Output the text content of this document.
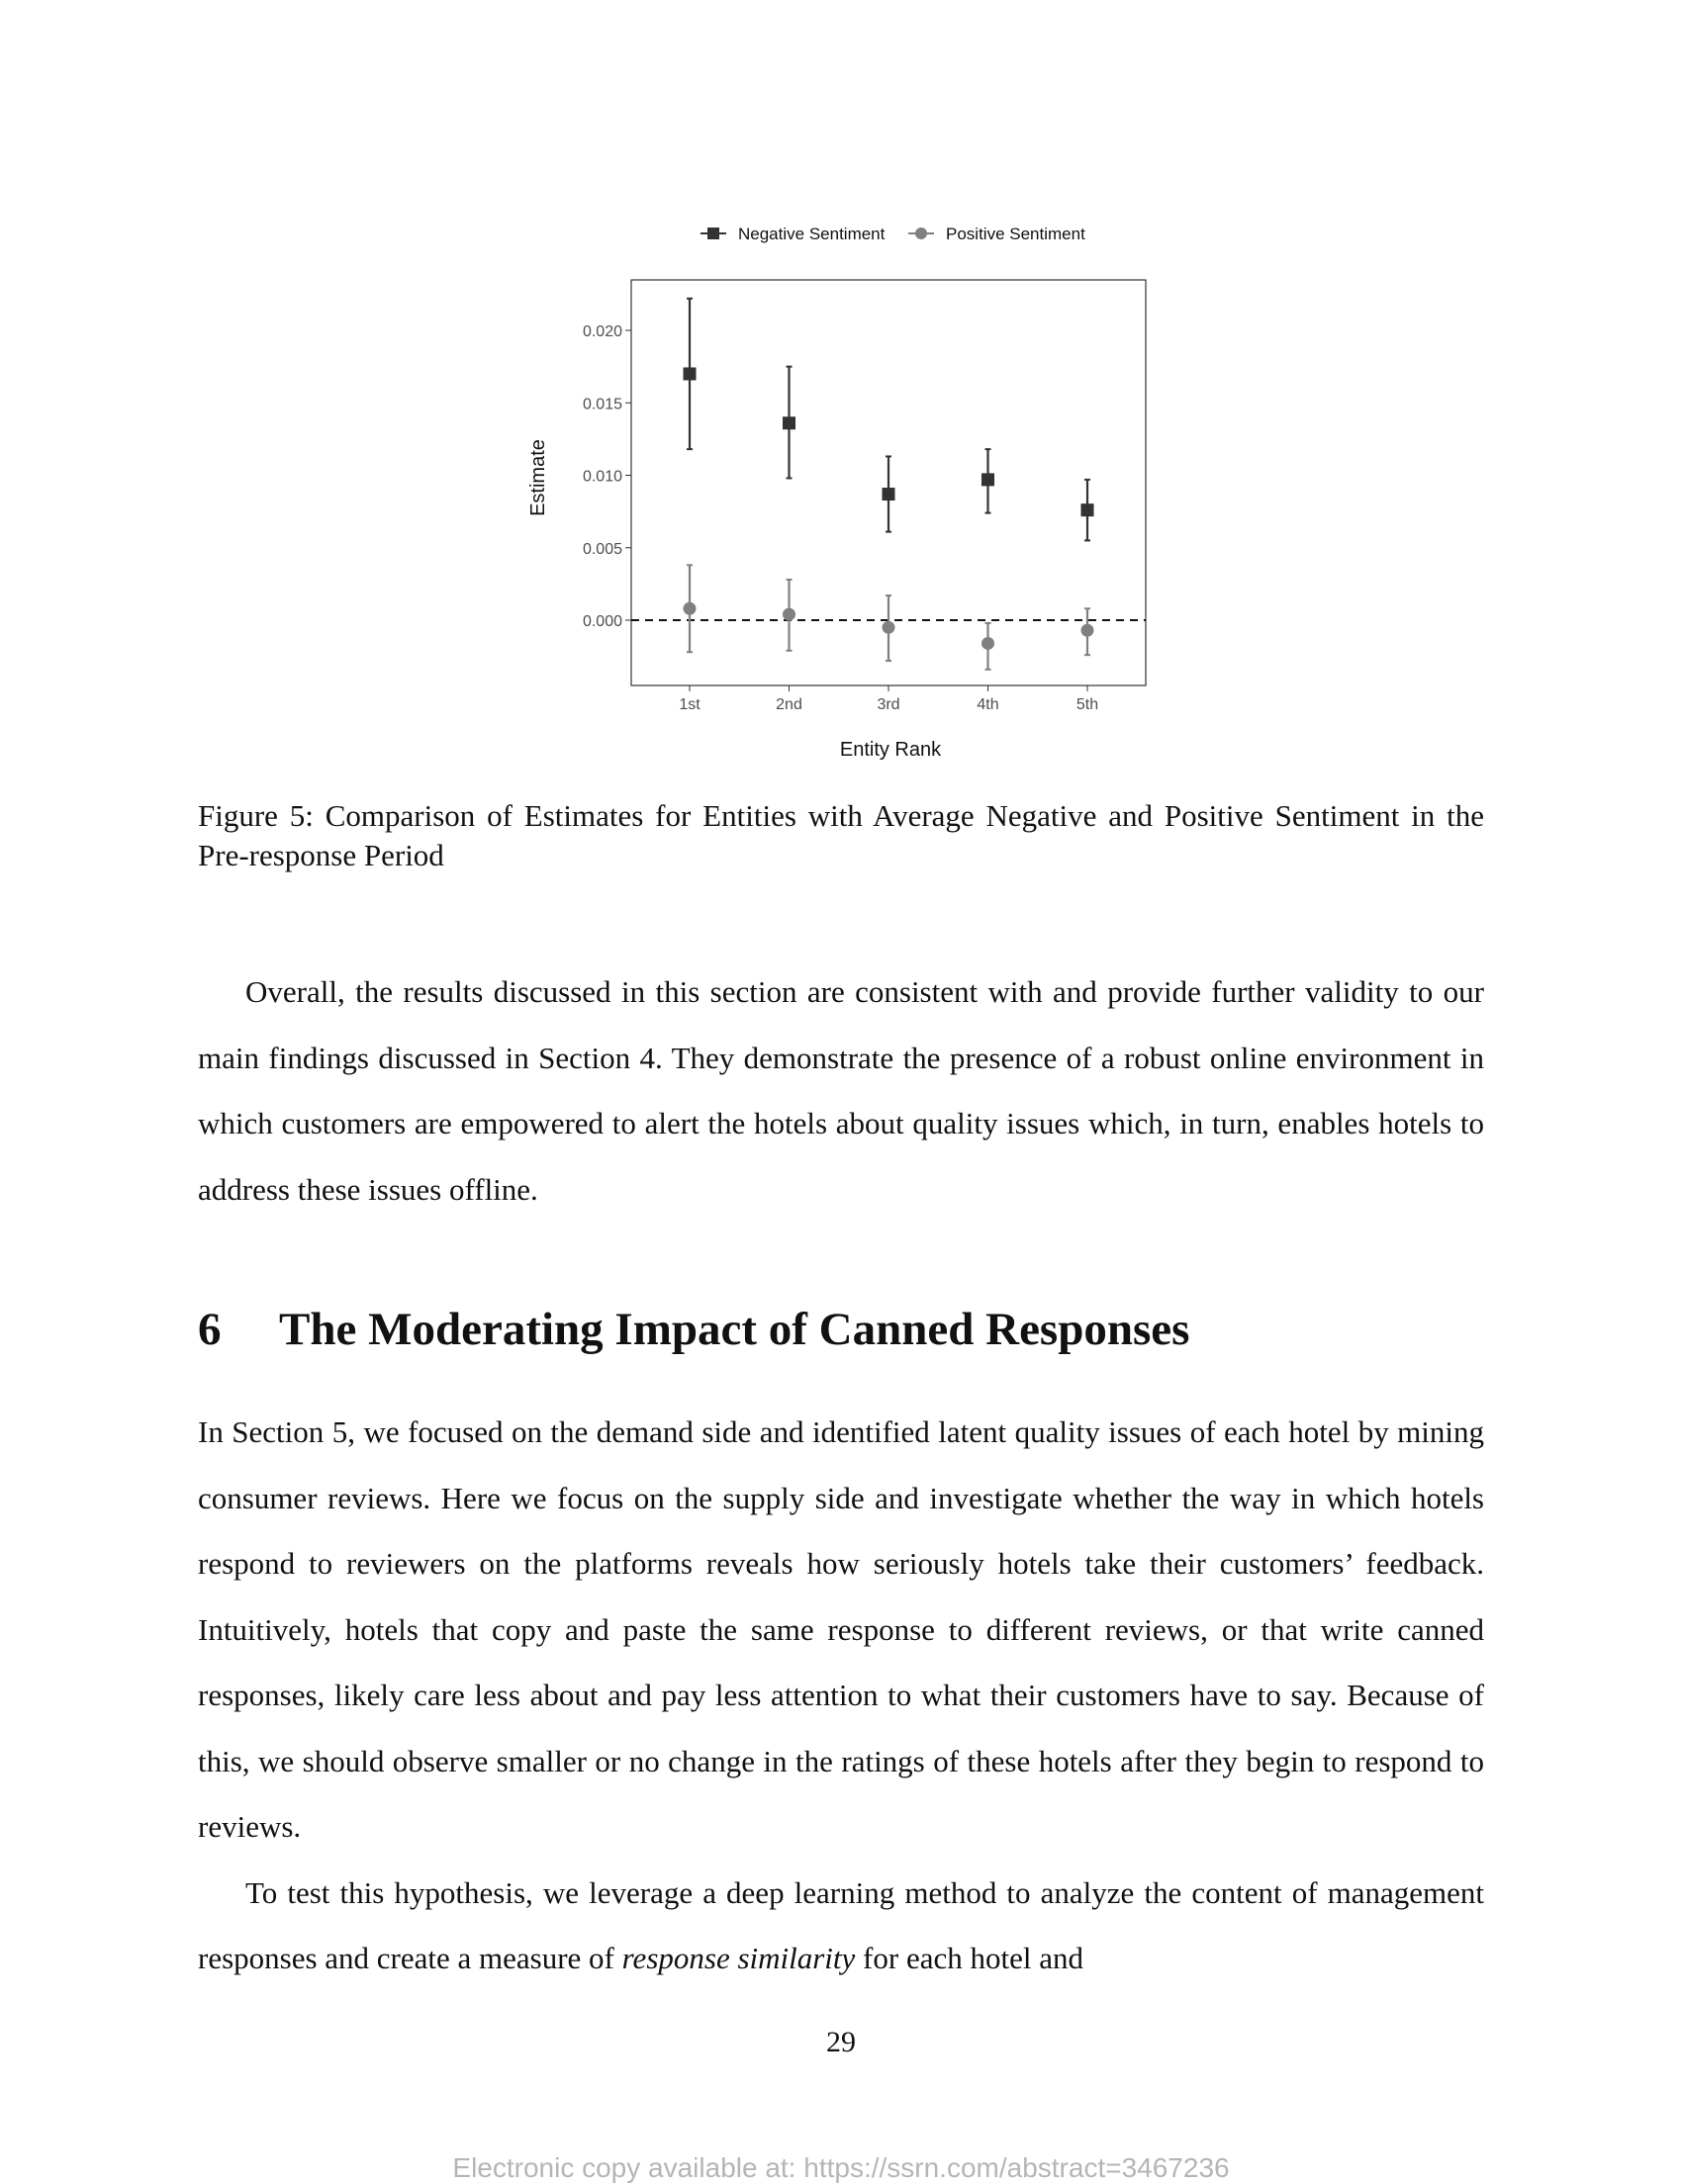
0.000
0.005
0.010
0.015
0.020
1st	2nd	3rd	4th	5th
Entity Rank
Estimate
Negative Sentiment	Positive Sentiment
Figure 5: Comparison of Estimates for Entities with Average Negative and Positive Sentiment in the Pre-response Period
Overall, the results discussed in this section are consistent with and provide further validity to our main findings discussed in Section 4. They demonstrate the presence of a robust online environment in which customers are empowered to alert the hotels about quality issues which, in turn, enables hotels to address these issues offline.
6 The Moderating Impact of Canned Responses

In Section 5, we focused on the demand side and identified latent quality issues of each hotel by mining consumer reviews. Here we focus on the supply side and investigate whether the way in which hotels respond to reviewers on the platforms reveals how seriously hotels take their customers’ feedback. Intuitively, hotels that copy and paste the same response to different reviews, or that write canned responses, likely care less about and pay less attention to what their customers have to say. Because of this, we should observe smaller or no change in the ratings of these hotels after they begin to respond to reviews.

To test this hypothesis, we leverage a deep learning method to analyze the content of management responses and create a measure of response similarity for each hotel and

29
Electronic copy available at: https://ssrn.com/abstract=3467236
